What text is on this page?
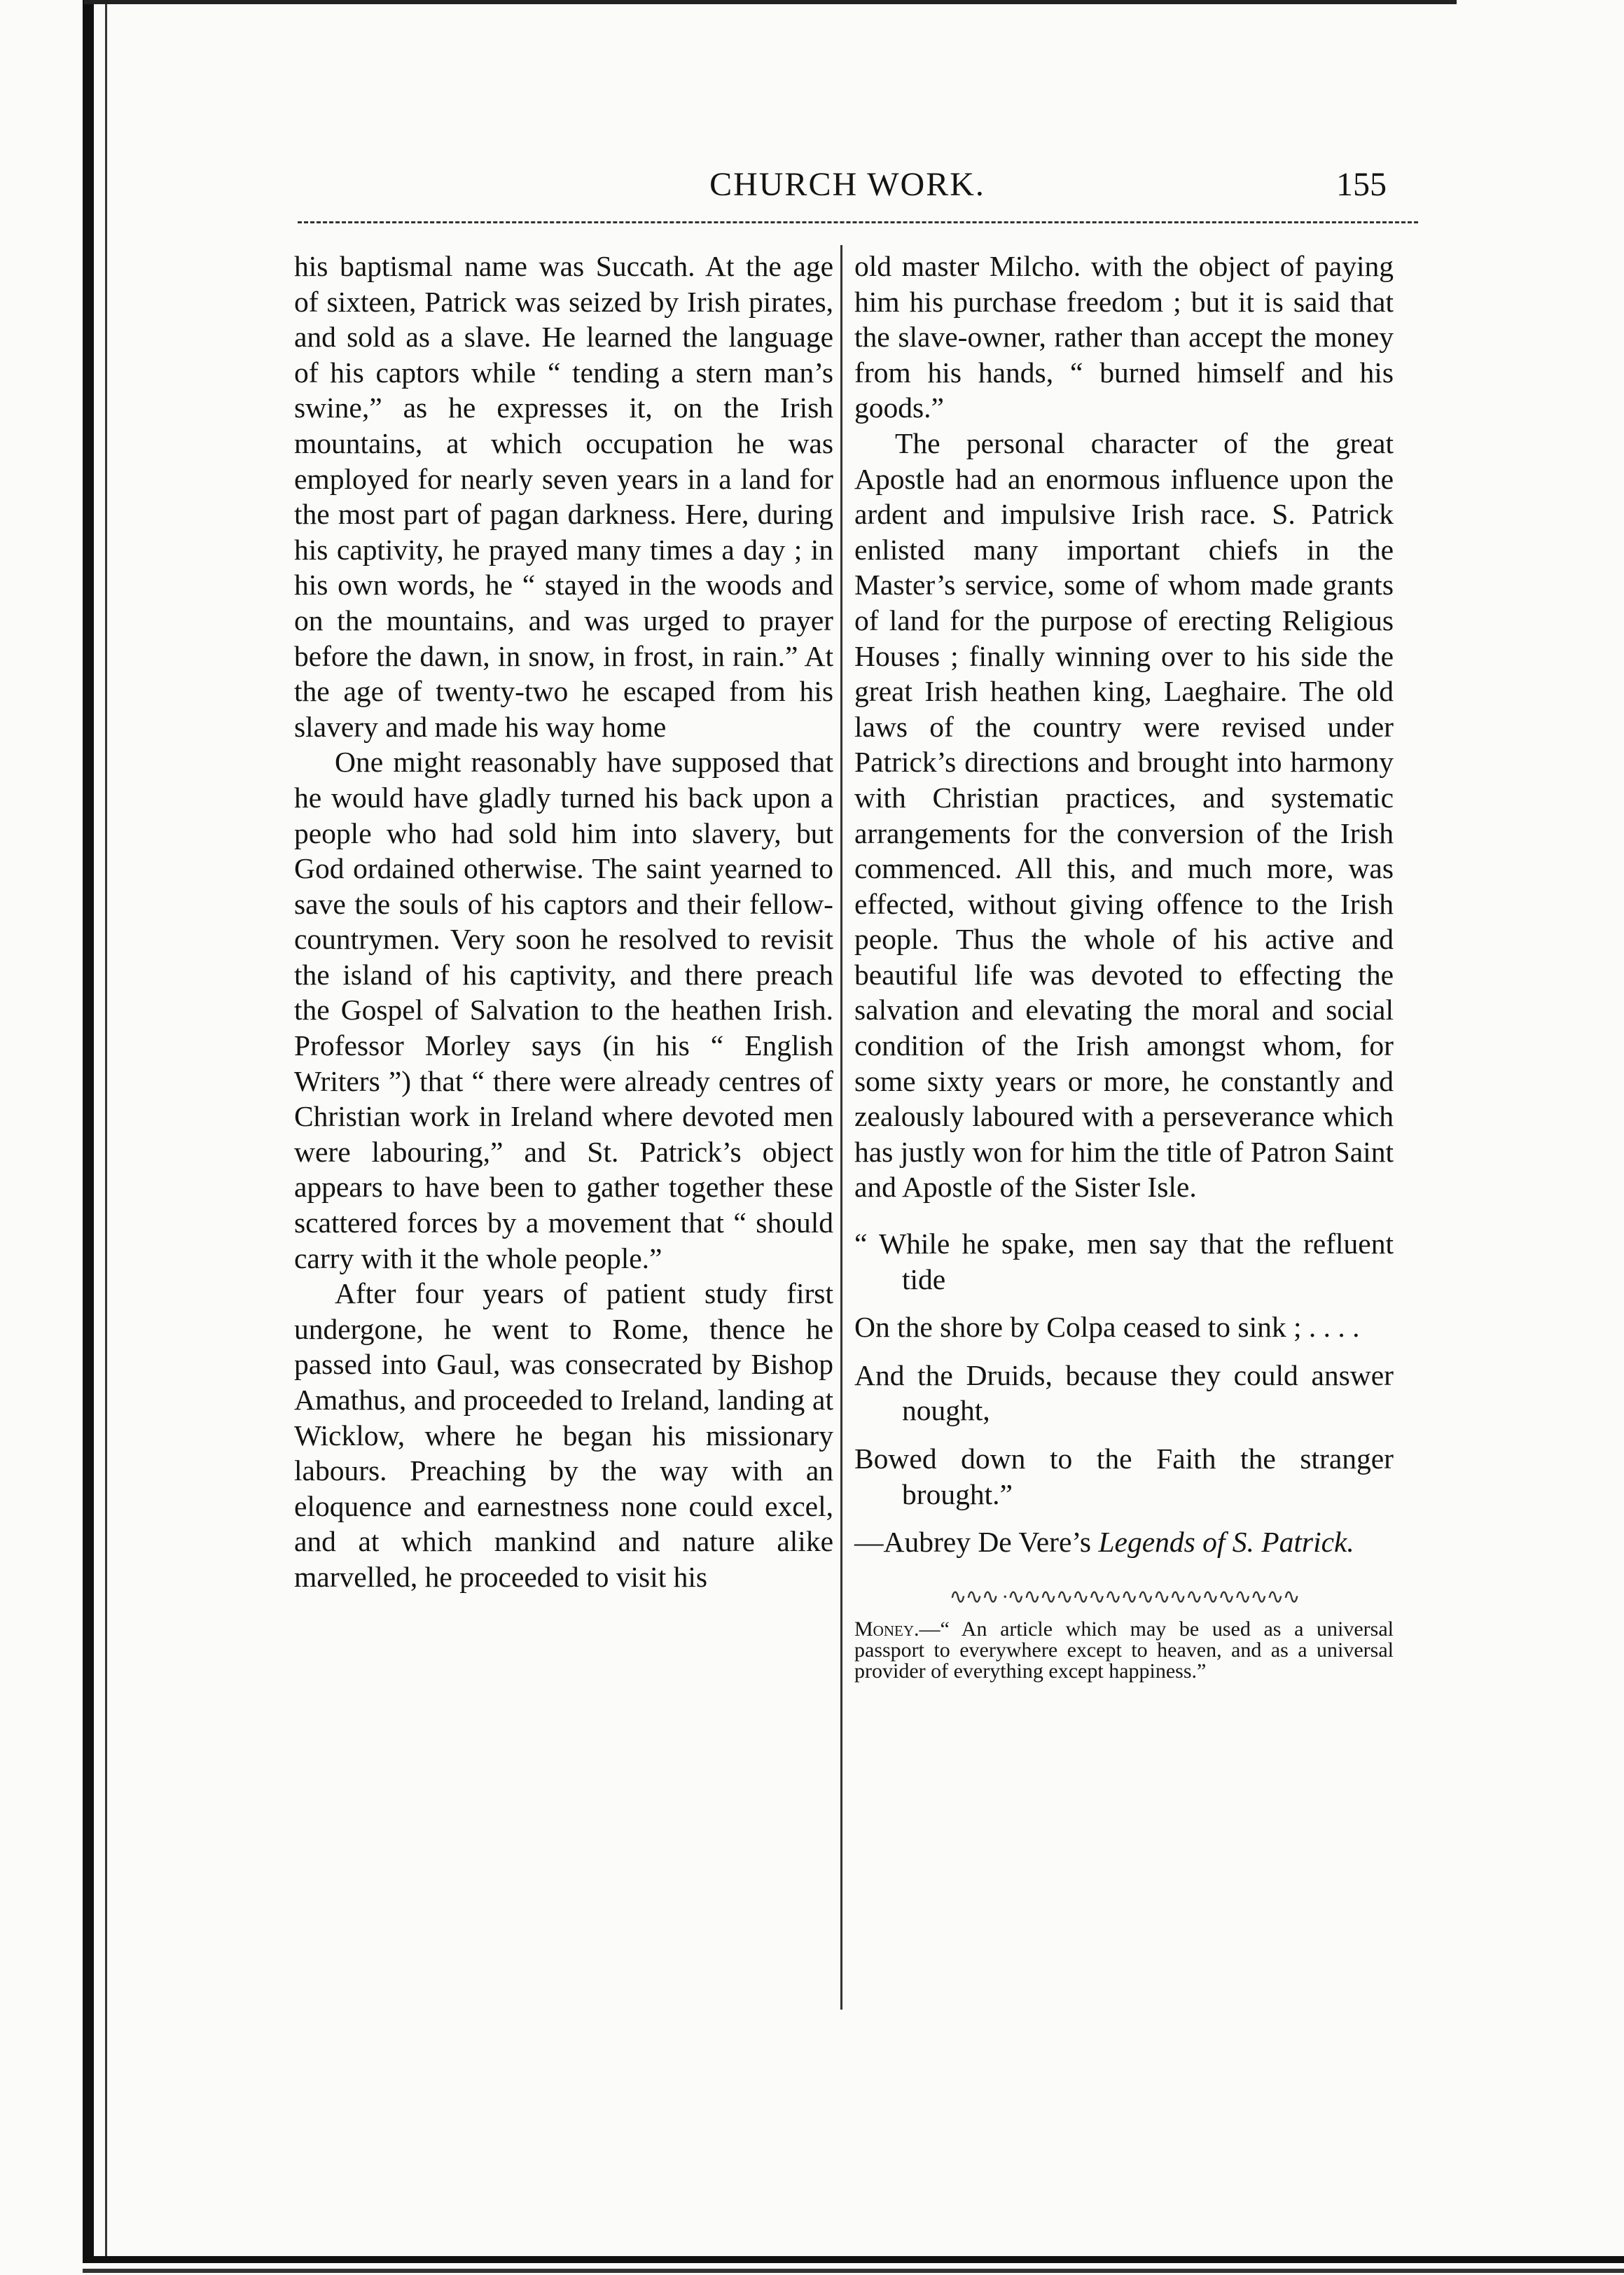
CHURCH WORK.	155

his baptismal name was Succath. At the age of sixteen, Patrick was seized by Irish pirates, and sold as a slave. He learned the language of his captors while “ tending a stern man’s swine,” as he expresses it, on the Irish mountains, at which occupation he was employed for nearly seven years in a land for the most part of pagan darkness. Here, during his captivity, he prayed many times a day ; in his own words, he “ stayed in the woods and on the mountains, and was urged to prayer before the dawn, in snow, in frost, in rain.” At the age of twenty-two he escaped from his slavery and made his way home

One might reasonably have supposed that he would have gladly turned his back upon a people who had sold him into slavery, but God ordained otherwise. The saint yearned to save the souls of his captors and their fellow-countrymen. Very soon he resolved to revisit the island of his captivity, and there preach the Gospel of Salvation to the heathen Irish. Professor Morley says (in his “ English Writers ”) that “ there were already centres of Christian work in Ireland where devoted men were labouring,” and St. Patrick’s object appears to have been to gather together these scattered forces by a movement that “ should carry with it the whole people.”

After four years of patient study first undergone, he went to Rome, thence he passed into Gaul, was consecrated by Bishop Amathus, and proceeded to Ireland, landing at Wicklow, where he began his missionary labours. Preaching by the way with an eloquence and earnestness none could excel, and at which mankind and nature alike marvelled, he proceeded to visit his

old master Milcho. with the object of paying him his purchase freedom ; but it is said that the slave-owner, rather than accept the money from his hands, “ burned himself and his goods.”

The personal character of the great Apostle had an enormous influence upon the ardent and impulsive Irish race. S. Patrick enlisted many important chiefs in the Master’s service, some of whom made grants of land for the purpose of erecting Religious Houses ; finally winning over to his side the great Irish heathen king, Laeghaire. The old laws of the country were revised under Patrick’s directions and brought into harmony with Christian practices, and systematic arrangements for the conversion of the Irish commenced. All this, and much more, was effected, without giving offence to the Irish people. Thus the whole of his active and beautiful life was devoted to effecting the salvation and elevating the moral and social condition of the Irish amongst whom, for some sixty years or more, he constantly and zealously laboured with a perseverance which has justly won for him the title of Patron Saint and Apostle of the Sister Isle.

“ While he spake, men say that the refluent tide

On the shore by Colpa ceased to sink ; . . . .

And the Druids, because they could answer nought,

Bowed down to the Faith the stranger brought.”

—Aubrey De Vere’s Legends of S. Patrick.

∿∿∿ ·∿∿∿∿∿∿∿∿∿∿∿∿∿∿∿∿∿∿

Money.—“ An article which may be used as a universal passport to everywhere except to heaven, and as a universal provider of everything except happiness.”
